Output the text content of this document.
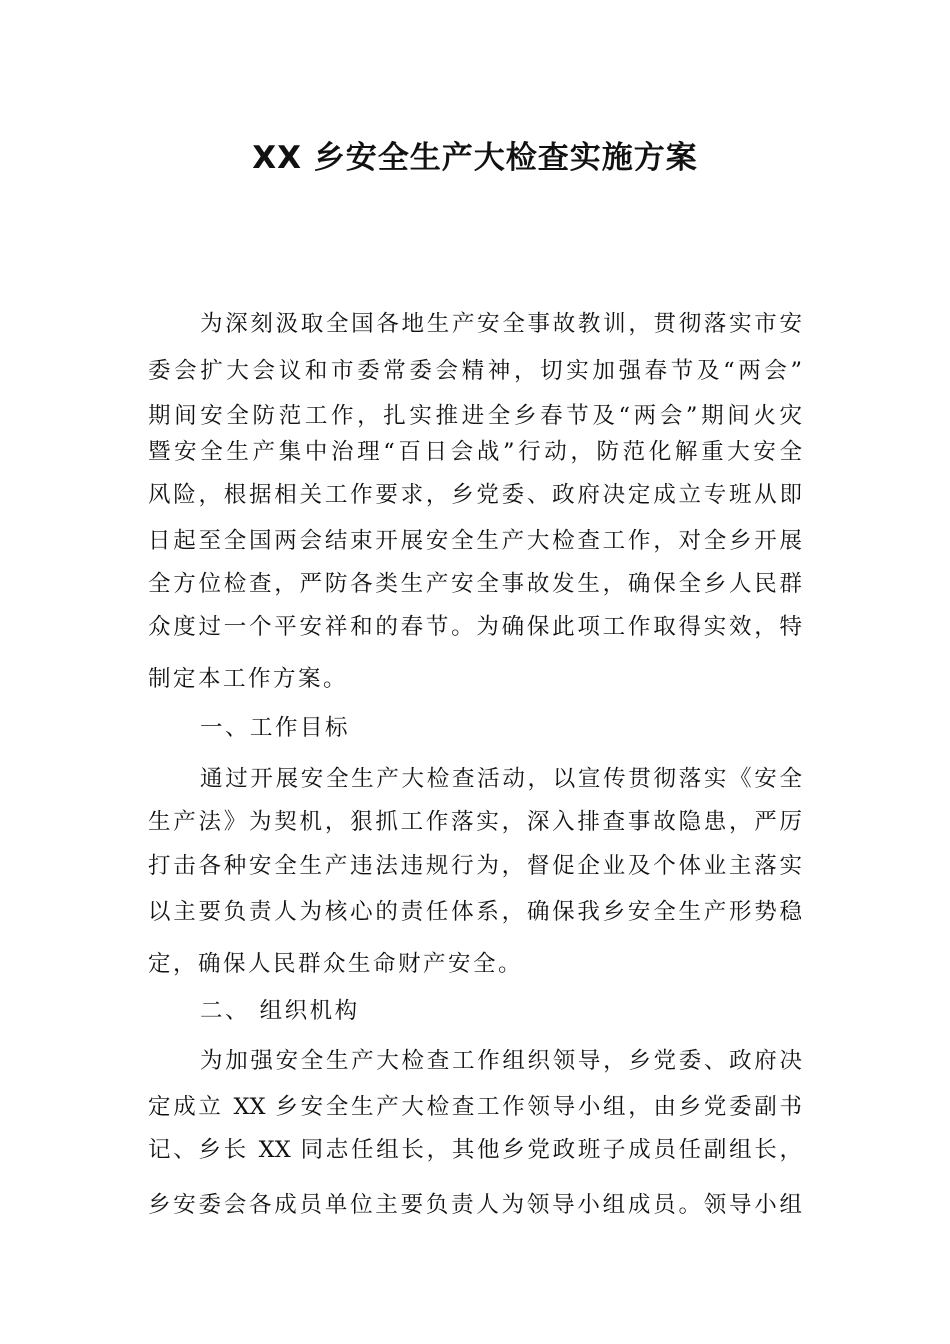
XX 乡安全生产大检查实施方案
为深刻汲取全国各地生产安全事故教训，贯彻落实市安
委会扩大会议和市委常委会精神，切实加强春节及“两会”
期间安全防范工作，扎实推进全乡春节及“两会”期间火灾
暨安全生产集中治理“百日会战”行动，防范化解重大安全
风险，根据相关工作要求，乡党委、政府决定成立专班从即
日起至全国两会结束开展安全生产大检查工作，对全乡开展
全方位检查，严防各类生产安全事故发生，确保全乡人民群
众度过一个平安祥和的春节。为确保此项工作取得实效，特
制定本工作方案。
一、工作目标
通过开展安全生产大检查活动，以宣传贯彻落实《安全
生产法》为契机，狠抓工作落实，深入排查事故隐患，严厉
打击各种安全生产违法违规行为，督促企业及个体业主落实
以主要负责人为核心的责任体系，确保我乡安全生产形势稳
定，确保人民群众生命财产安全。
二、 组织机构
为加强安全生产大检查工作组织领导，乡党委、政府决
定成立 XX 乡安全生产大检查工作领导小组，由乡党委副书
记、乡长 XX 同志任组长，其他乡党政班子成员任副组长，
乡安委会各成员单位主要负责人为领导小组成员。领导小组
